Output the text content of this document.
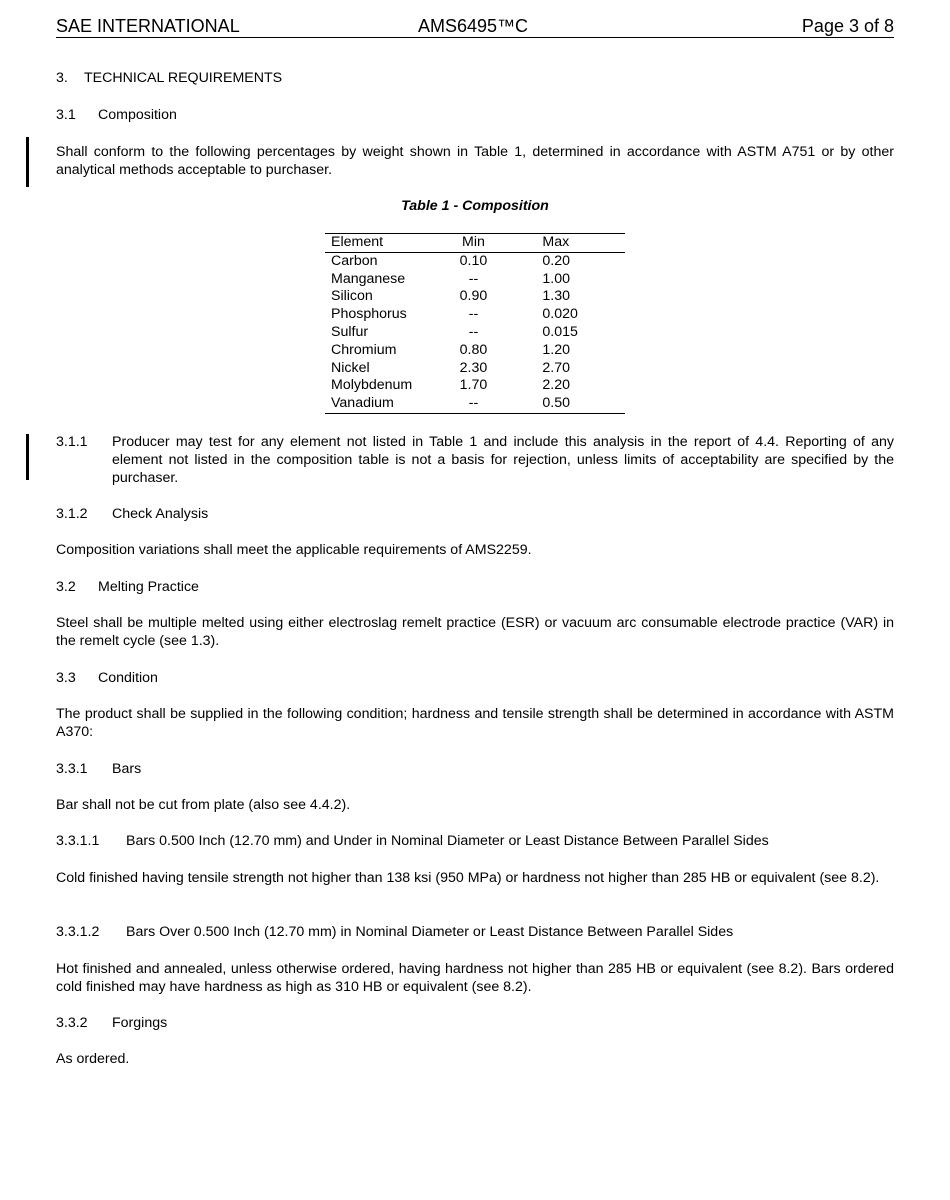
SAE INTERNATIONAL	AMS6495™C	Page 3 of 8
3. TECHNICAL REQUIREMENTS
3.1 Composition

Shall conform to the following percentages by weight shown in Table 1, determined in accordance with ASTM A751 or by other analytical methods acceptable to purchaser.

Table 1 - Composition
Element	Min	Max
Carbon	0.10	0.20
Manganese	--	1.00
Silicon	0.90	1.30
Phosphorus	--	0.020
Sulfur	--	0.015
Chromium	0.80	1.20
Nickel	2.30	2.70
Molybdenum	1.70	2.20
Vanadium	--	0.50
3.1.1 Producer may test for any element not listed in Table 1 and include this analysis in the report of 4.4. Reporting of any element not listed in the composition table is not a basis for rejection, unless limits of acceptability are specified by the purchaser.

3.1.2 Check Analysis

Composition variations shall meet the applicable requirements of AMS2259.

3.2 Melting Practice

Steel shall be multiple melted using either electroslag remelt practice (ESR) or vacuum arc consumable electrode practice (VAR) in the remelt cycle (see 1.3).

3.3 Condition

The product shall be supplied in the following condition; hardness and tensile strength shall be determined in accordance with ASTM A370:

3.3.1 Bars

Bar shall not be cut from plate (also see 4.4.2).

3.3.1.1 Bars 0.500 Inch (12.70 mm) and Under in Nominal Diameter or Least Distance Between Parallel Sides

Cold finished having tensile strength not higher than 138 ksi (950 MPa) or hardness not higher than 285 HB or equivalent (see 8.2).

3.3.1.2 Bars Over 0.500 Inch (12.70 mm) in Nominal Diameter or Least Distance Between Parallel Sides

Hot finished and annealed, unless otherwise ordered, having hardness not higher than 285 HB or equivalent (see 8.2). Bars ordered cold finished may have hardness as high as 310 HB or equivalent (see 8.2).

3.3.2 Forgings

As ordered.
